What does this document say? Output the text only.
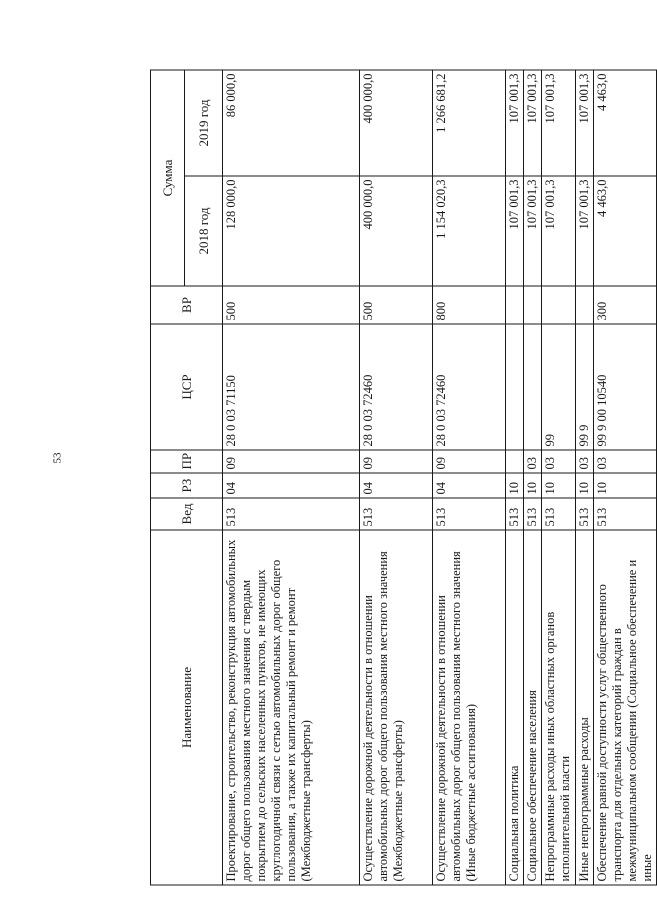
53
Наименование	Вед	РЗ	ПР	ЦСР	ВР	Сумма	
						2018 год	2019 год
Проектирование, строительство, реконструкция автомобильных дорог общего пользования местного значения с твердым покрытием до сельских населенных пунктов, не имеющих круглогодичной связи с сетью автомобильных дорог общего пользования, а также их капитальный ремонт и ремонт (Межбюджетные трансферты)	513	04	09	28 0 03 71150	500	128 000,0	86 000,0
Осуществление дорожной деятельности в отношении автомобильных дорог общего пользования местного значения (Межбюджетные трансферты)	513	04	09	28 0 03 72460	500	400 000,0	400 000,0
Осуществление дорожной деятельности в отношении автомобильных дорог общего пользования местного значения (Иные бюджетные ассигнования)	513	04	09	28 0 03 72460	800	1 154 020,3	1 266 681,2
Социальная политика	513	10				107 001,3	107 001,3
Социальное обеспечение населения	513	10	03			107 001,3	107 001,3
Непрограммные расходы иных областных органов исполнительной власти	513	10	03	99		107 001,3	107 001,3
Иные непрограммные расходы	513	10	03	99 9		107 001,3	107 001,3
Обеспечение равной доступности услуг общественного транспорта для отдельных категорий граждан в межмуниципальном сообщении (Социальное обеспечение и иные	513	10	03	99 9 00 10540	300	4 463,0	4 463,0
